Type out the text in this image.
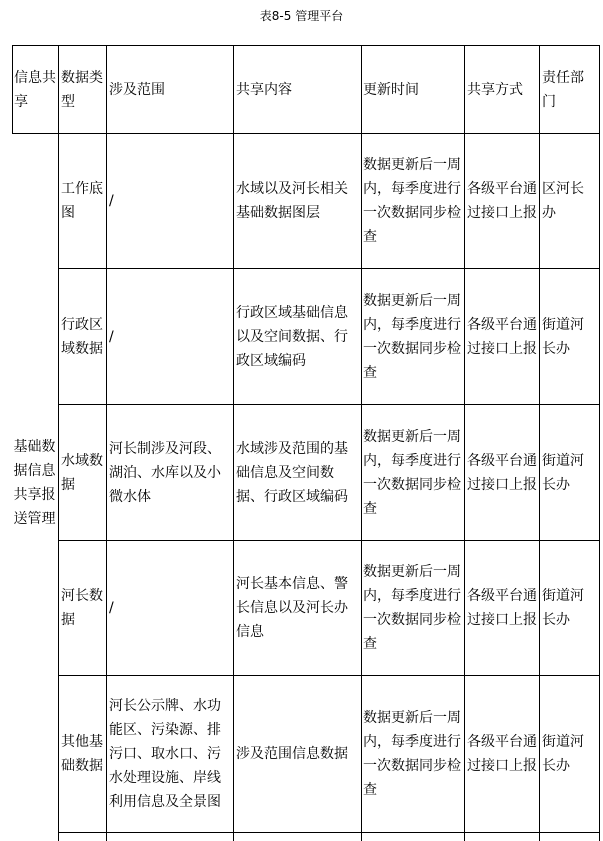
表8-5 管理平台
信息共享	数据类型	涉及范围	共享内容	更新时间	共享方式	责任部门

基础数据信息共享报送管理	工作底图	/	水域以及河长相关基础数据图层	数据更新后一周内，每季度进行一次数据同步检查	各级平台通过接口上报	区河长办

	行政区域数据	/	行政区域基础信息以及空间数据、行政区域编码	数据更新后一周内，每季度进行一次数据同步检查	各级平台通过接口上报	街道河长办

	水域数据	河长制涉及河段、湖泊、水库以及小微水体	水域涉及范围的基础信息及空间数据、行政区域编码	数据更新后一周内，每季度进行一次数据同步检查	各级平台通过接口上报	街道河长办

	河长数据	/	河长基本信息、警长信息以及河长办信息	数据更新后一周内，每季度进行一次数据同步检查	各级平台通过接口上报	街道河长办

	其他基础数据	河长公示牌、水功能区、污染源、排污口、取水口、污水处理设施、岸线利用信息及全景图	涉及范围信息数据	数据更新后一周内，每季度进行一次数据同步检查	各级平台通过接口上报	街道河长办
